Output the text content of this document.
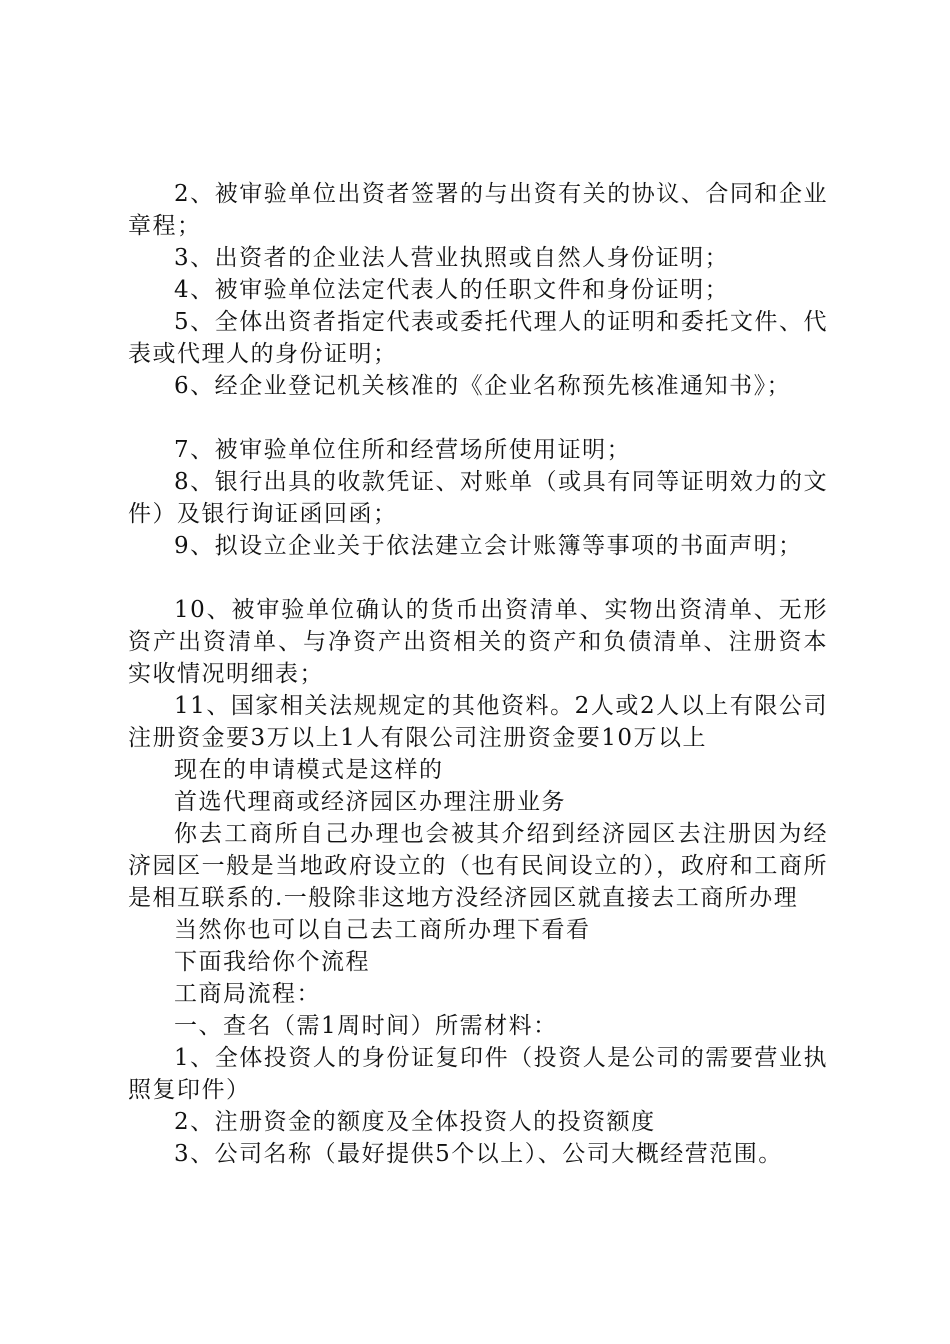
2、被审验单位出资者签署的与出资有关的协议、合同和企业章程；

3、出资者的企业法人营业执照或自然人身份证明；

4、被审验单位法定代表人的任职文件和身份证明；

5、全体出资者指定代表或委托代理人的证明和委托文件、代表或代理人的身份证明；

6、经企业登记机关核准的《企业名称预先核准通知书》；

7、被审验单位住所和经营场所使用证明；

8、银行出具的收款凭证、对账单（或具有同等证明效力的文件）及银行询证函回函；

9、拟设立企业关于依法建立会计账簿等事项的书面声明；

10、被审验单位确认的货币出资清单、实物出资清单、无形资产出资清单、与净资产出资相关的资产和负债清单、注册资本实收情况明细表；

11、国家相关法规规定的其他资料。2人或2人以上有限公司注册资金要3万以上1人有限公司注册资金要10万以上

现在的申请模式是这样的

首选代理商或经济园区办理注册业务

你去工商所自己办理也会被其介绍到经济园区去注册因为经济园区一般是当地政府设立的（也有民间设立的），政府和工商所是相互联系的.一般除非这地方没经济园区就直接去工商所办理

当然你也可以自己去工商所办理下看看

下面我给你个流程

工商局流程：

一、查名（需1周时间）所需材料：

1、全体投资人的身份证复印件（投资人是公司的需要营业执照复印件）

2、注册资金的额度及全体投资人的投资额度

3、公司名称（最好提供5个以上）、公司大概经营范围。
